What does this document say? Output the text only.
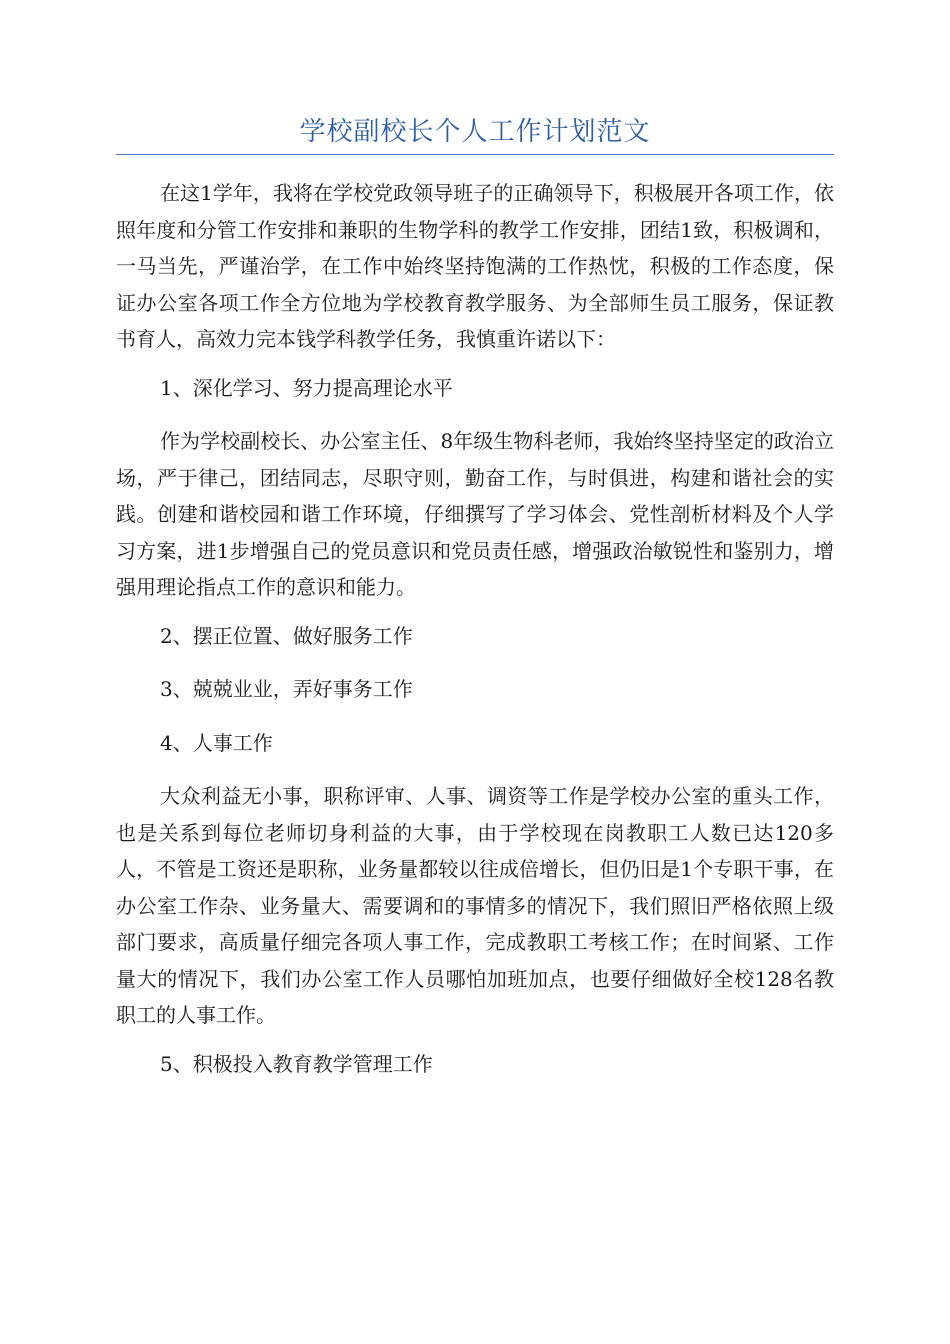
学校副校长个人工作计划范文

在这1学年，我将在学校党政领导班子的正确领导下，积极展开各项工作，依照年度和分管工作安排和兼职的生物学科的教学工作安排，团结1致，积极调和，一马当先，严谨治学，在工作中始终坚持饱满的工作热忱，积极的工作态度，保证办公室各项工作全方位地为学校教育教学服务、为全部师生员工服务，保证教书育人，高效力完本钱学科教学任务，我慎重许诺以下：

1、深化学习、努力提高理论水平

作为学校副校长、办公室主任、8年级生物科老师，我始终坚持坚定的政治立场，严于律己，团结同志，尽职守则，勤奋工作，与时俱进，构建和谐社会的实践。创建和谐校园和谐工作环境，仔细撰写了学习体会、党性剖析材料及个人学习方案，进1步增强自己的党员意识和党员责任感，增强政治敏锐性和鉴别力，增强用理论指点工作的意识和能力。

2、摆正位置、做好服务工作

3、兢兢业业，弄好事务工作

4、人事工作

大众利益无小事，职称评审、人事、调资等工作是学校办公室的重头工作，也是关系到每位老师切身利益的大事，由于学校现在岗教职工人数已达120多人，不管是工资还是职称，业务量都较以往成倍增长，但仍旧是1个专职干事，在办公室工作杂、业务量大、需要调和的事情多的情况下，我们照旧严格依照上级部门要求，高质量仔细完各项人事工作，完成教职工考核工作；在时间紧、工作量大的情况下，我们办公室工作人员哪怕加班加点，也要仔细做好全校128名教职工的人事工作。

5、积极投入教育教学管理工作
